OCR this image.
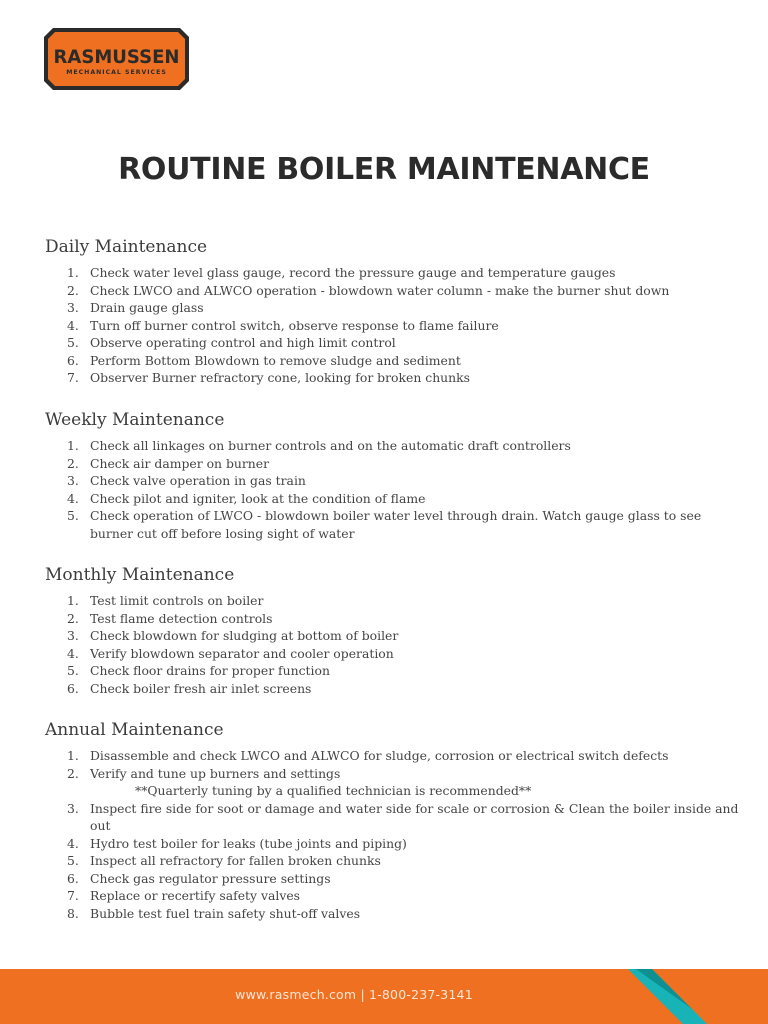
RASMUSSEN
MECHANICAL SERVICES
ROUTINE BOILER MAINTENANCE
Daily Maintenance
1. Check water level glass gauge, record the pressure gauge and temperature gauges
2. Check LWCO and ALWCO operation - blowdown water column - make the burner shut down
3. Drain gauge glass
4. Turn off burner control switch, observe response to flame failure
5. Observe operating control and high limit control
6. Perform Bottom Blowdown to remove sludge and sediment
7. Observer Burner refractory cone, looking for broken chunks
Weekly Maintenance
1. Check all linkages on burner controls and on the automatic draft controllers
2. Check air damper on burner
3. Check valve operation in gas train
4. Check pilot and igniter, look at the condition of flame
5. Check operation of LWCO - blowdown boiler water level through drain. Watch gauge glass to see burner cut off before losing sight of water
Monthly Maintenance
1. Test limit controls on boiler
2. Test flame detection controls
3. Check blowdown for sludging at bottom of boiler
4. Verify blowdown separator and cooler operation
5. Check floor drains for proper function
6. Check boiler fresh air inlet screens
Annual Maintenance
1. Disassemble and check LWCO and ALWCO for sludge, corrosion or electrical switch defects
2. Verify and tune up burners and settings
**Quarterly tuning by a qualified technician is recommended**
3. Inspect fire side for soot or damage and water side for scale or corrosion & Clean the boiler inside and out
4. Hydro test boiler for leaks (tube joints and piping)
5. Inspect all refractory for fallen broken chunks
6. Check gas regulator pressure settings
7. Replace or recertify safety valves
8. Bubble test fuel train safety shut-off valves
www.rasmech.com | 1-800-237-3141
